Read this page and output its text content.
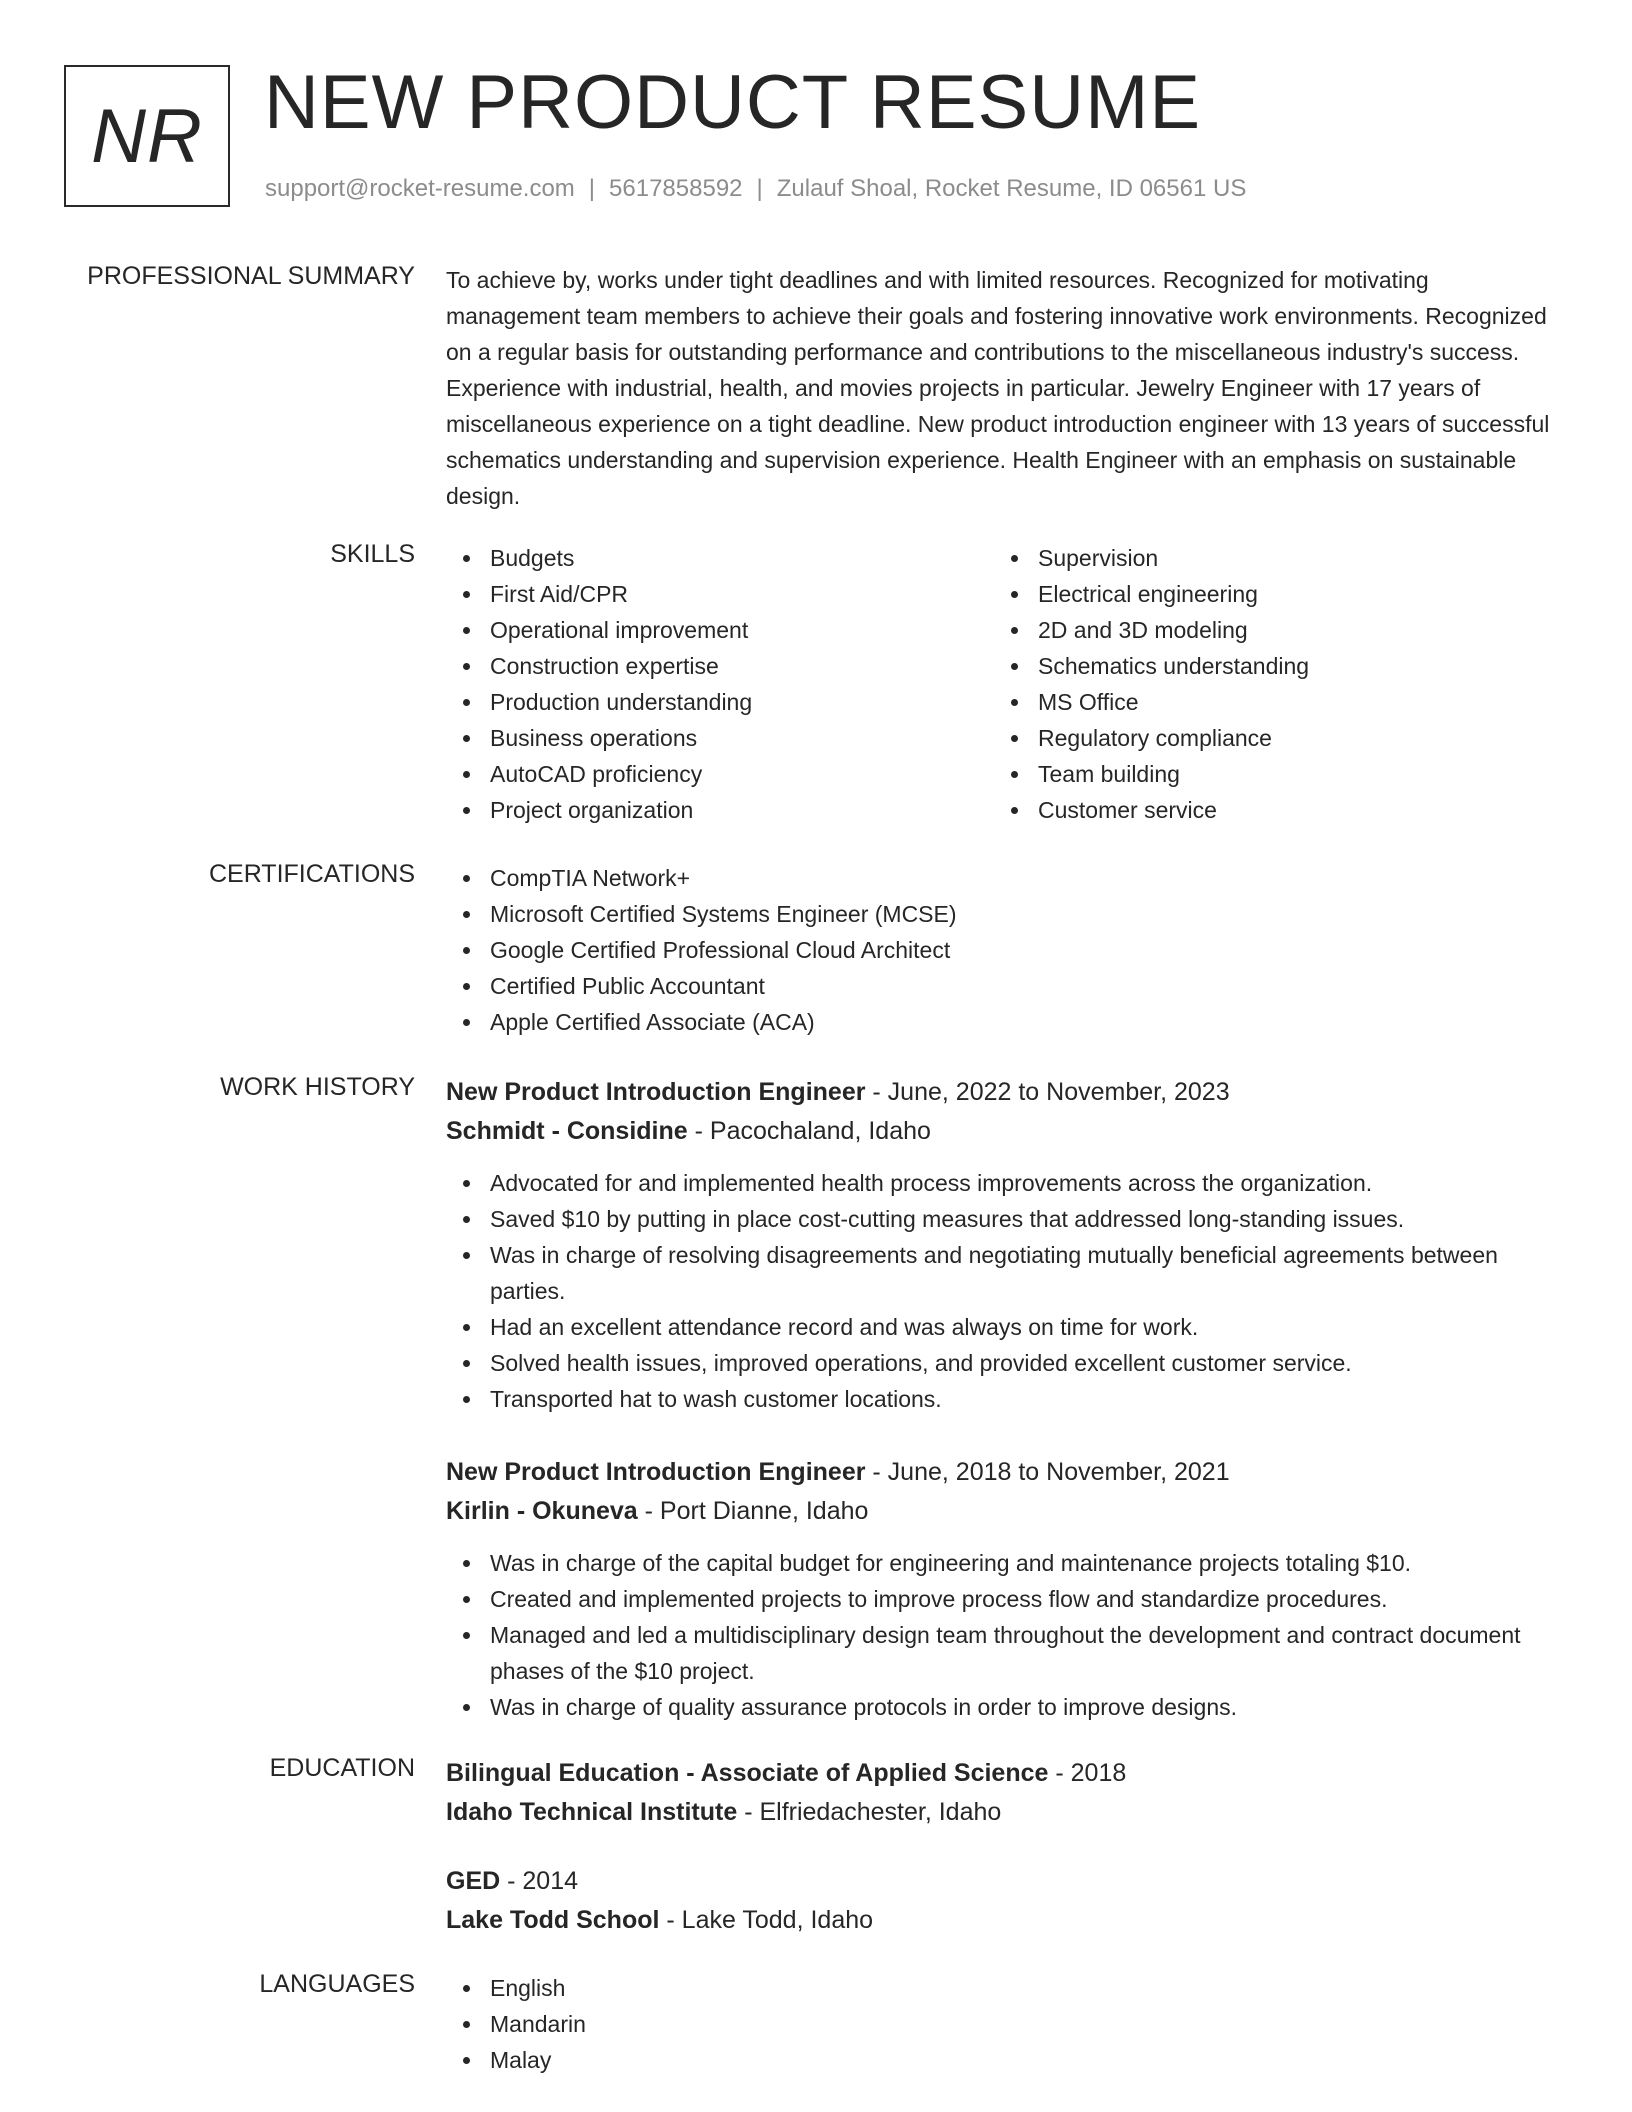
NR NEW PRODUCT RESUME
support@rocket-resume.com | 5617858592 | Zulauf Shoal, Rocket Resume, ID 06561 US
PROFESSIONAL SUMMARY To achieve by, works under tight deadlines and with limited resources. Recognized for motivating management team members to achieve their goals and fostering innovative work environments. Recognized on a regular basis for outstanding performance and contributions to the miscellaneous industry's success. Experience with industrial, health, and movies projects in particular. Jewelry Engineer with 17 years of miscellaneous experience on a tight deadline. New product introduction engineer with 13 years of successful schematics understanding and supervision experience. Health Engineer with an emphasis on sustainable design.

SKILLS	Budgets
First Aid/CPR
Operational improvement
Construction expertise
Production understanding
Business operations
AutoCAD proficiency
Project organization
Supervision
Electrical engineering
2D and 3D modeling
Schematics understanding
MS Office
Regulatory compliance
Team building
Customer service
CERTIFICATIONS	CompTIA Network+
Microsoft Certified Systems Engineer (MCSE)
Google Certified Professional Cloud Architect
Certified Public Accountant
Apple Certified Associate (ACA)
WORK HISTORY New Product Introduction Engineer - June, 2022 to November, 2023
Schmidt - Considine - Pacochaland, Idaho
Advocated for and implemented health process improvements across the organization.
Saved $10 by putting in place cost-cutting measures that addressed long-standing issues.
Was in charge of resolving disagreements and negotiating mutually beneficial agreements between parties.
Had an excellent attendance record and was always on time for work.
Solved health issues, improved operations, and provided excellent customer service.
Transported hat to wash customer locations.
New Product Introduction Engineer - June, 2018 to November, 2021
Kirlin - Okuneva - Port Dianne, Idaho
Was in charge of the capital budget for engineering and maintenance projects totaling $10.
Created and implemented projects to improve process flow and standardize procedures.
Managed and led a multidisciplinary design team throughout the development and contract document phases of the $10 project.
Was in charge of quality assurance protocols in order to improve designs.
EDUCATION Bilingual Education - Associate of Applied Science - 2018
Idaho Technical Institute - Elfriedachester, Idaho
GED - 2014
Lake Todd School - Lake Todd, Idaho
LANGUAGES	English
Mandarin
Malay
